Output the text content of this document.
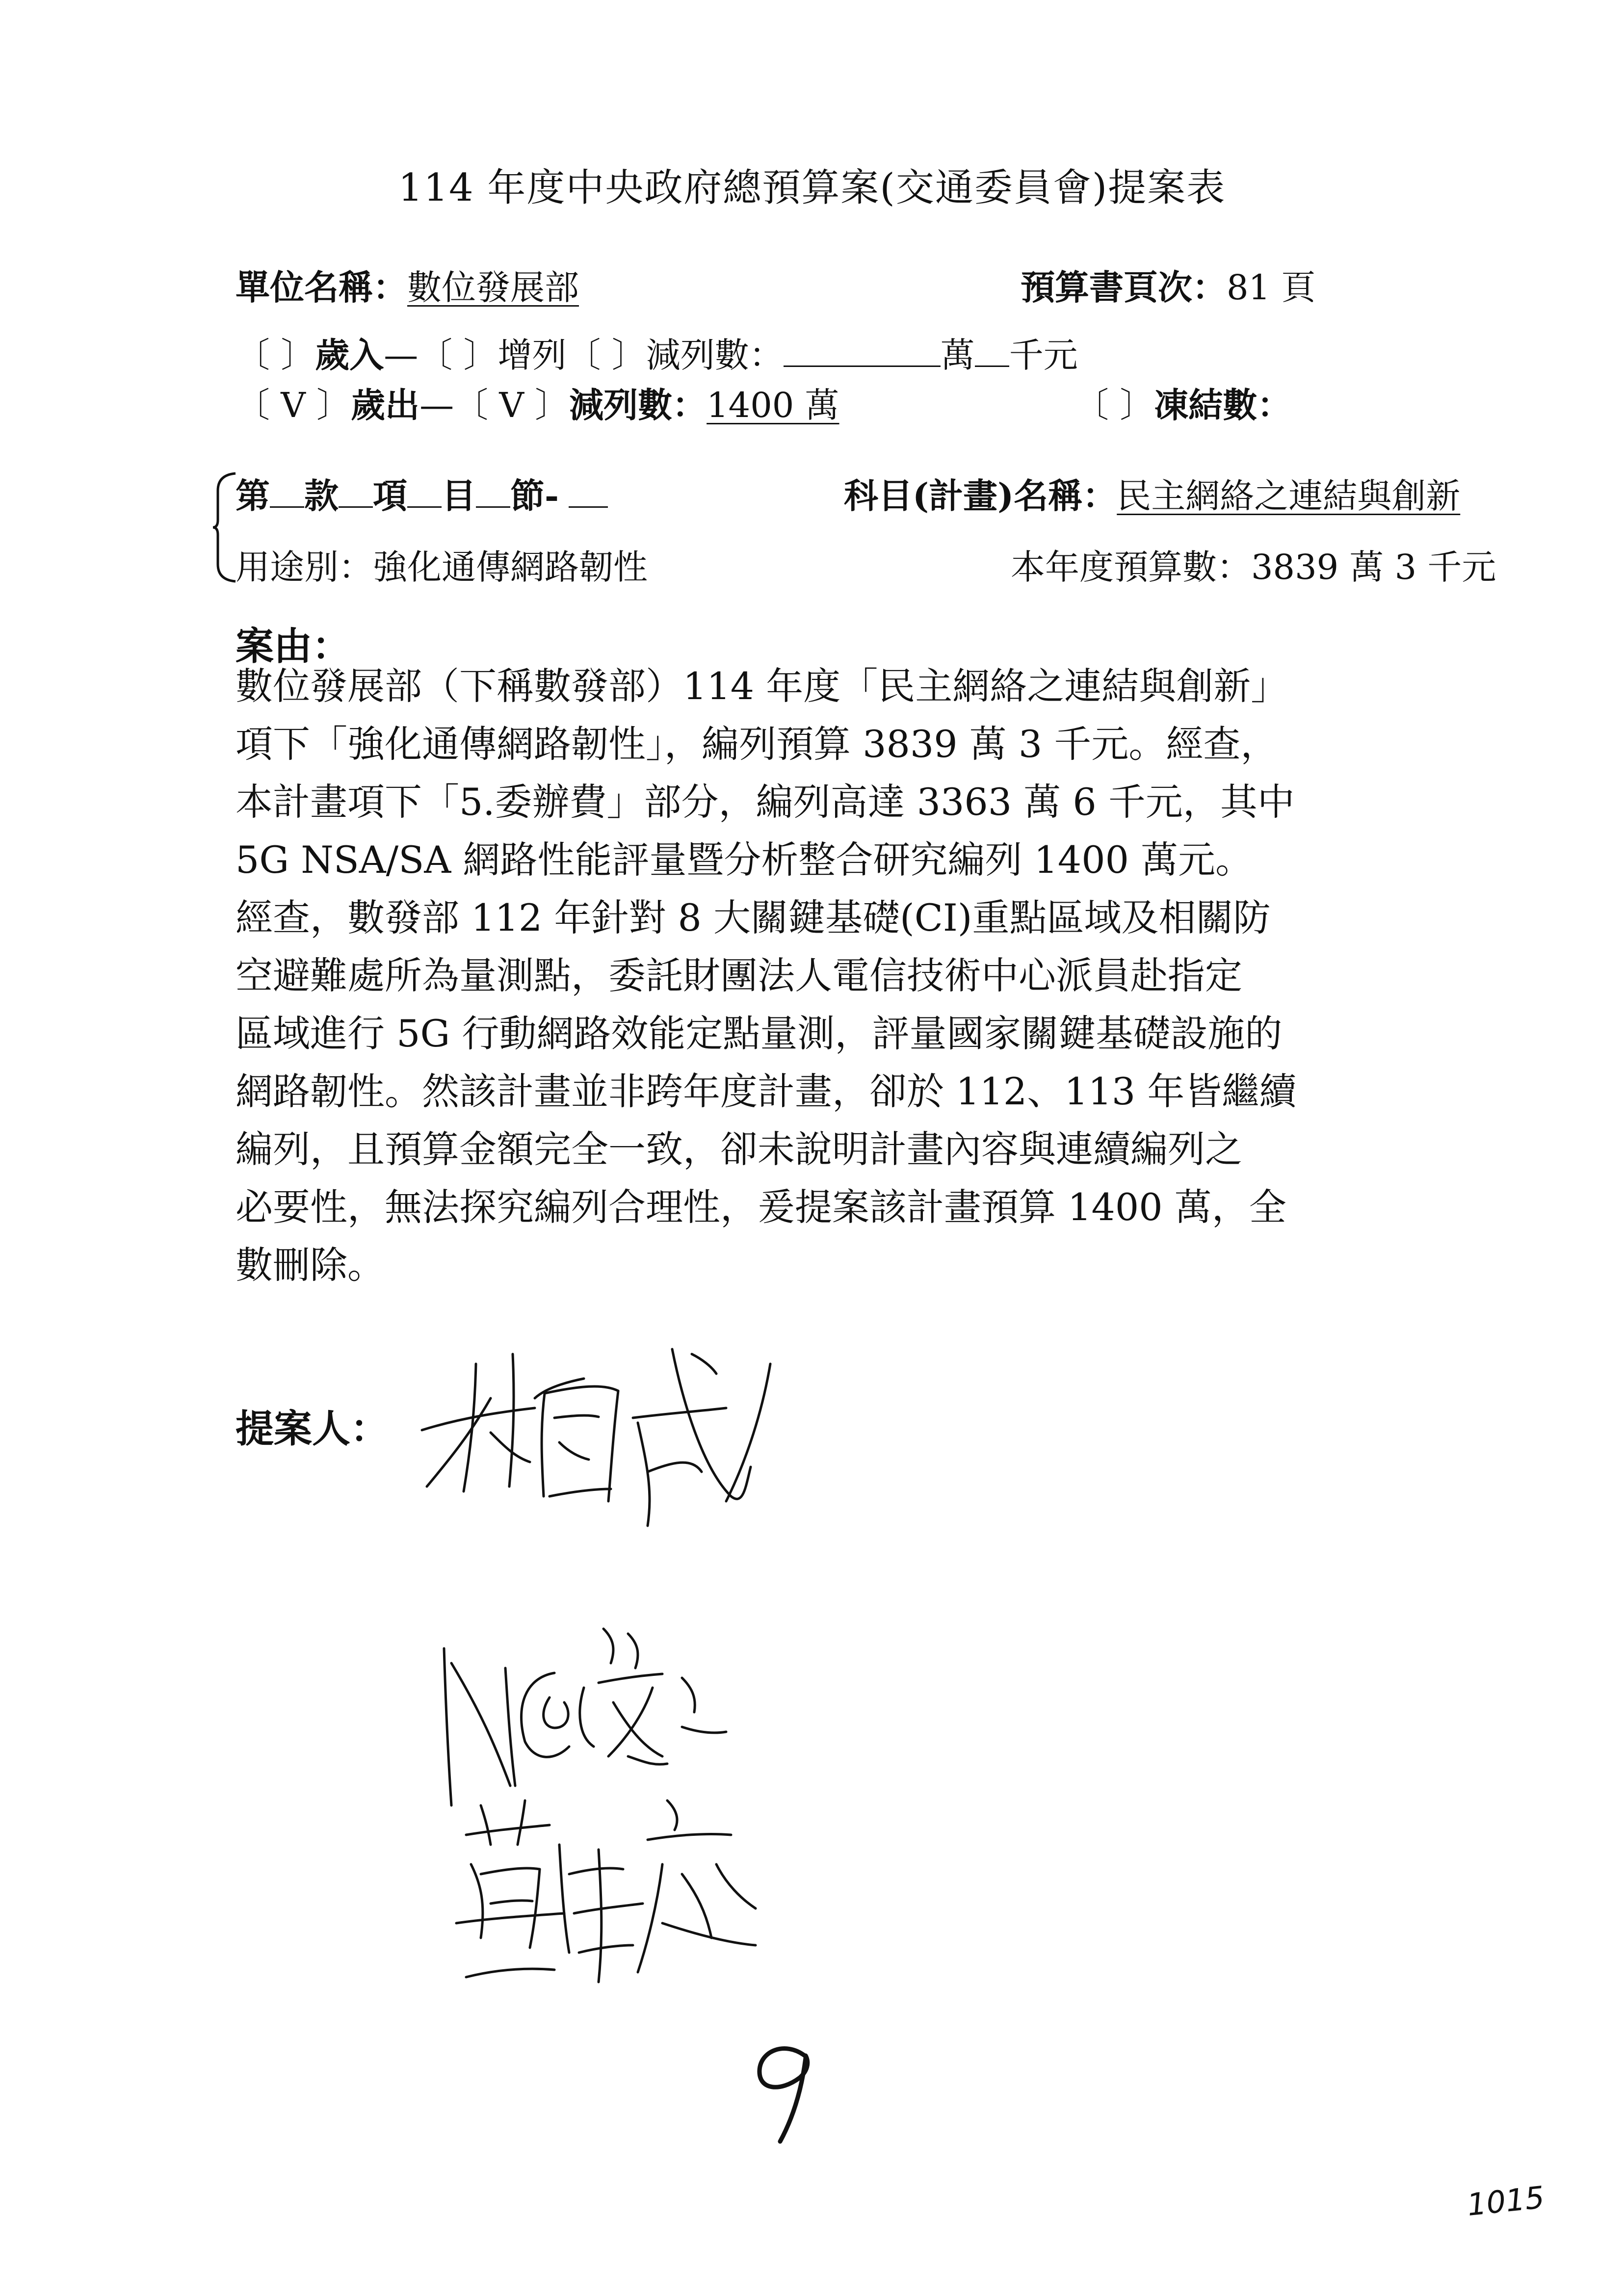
114 年度中央政府總預算案(交通委員會)提案表
單位名稱：數位發展部	預算書頁次：81 頁
〔 〕歲入—〔 〕增列〔 〕減列數：	萬 千元
〔 V 〕歲出—〔 V 〕減列數：1400 萬	〔 〕凍結數：
第 款 項 目 節-	科目(計畫)名稱：民主網絡之連結與創新
用途別：強化通傳網路韌性	本年度預算數：3839 萬 3 千元
案由：

數位發展部（下稱數發部）114 年度「民主網絡之連結與創新」

項下「強化通傳網路韌性」，編列預算 3839 萬 3 千元。經查，

本計畫項下「5.委辦費」部分，編列高達 3363 萬 6 千元，其中

5G NSA/SA 網路性能評量暨分析整合研究編列 1400 萬元。

經查，數發部 112 年針對 8 大關鍵基礎(CI)重點區域及相關防

空避難處所為量測點，委託財團法人電信技術中心派員赴指定

區域進行 5G 行動網路效能定點量測，評量國家關鍵基礎設施的

網路韌性。然該計畫並非跨年度計畫，卻於 112、113 年皆繼續

編列，且預算金額完全一致，卻未說明計畫內容與連續編列之

必要性，無法探究編列合理性，爰提案該計畫預算 1400 萬，全

數刪除。

提案人：
1015
